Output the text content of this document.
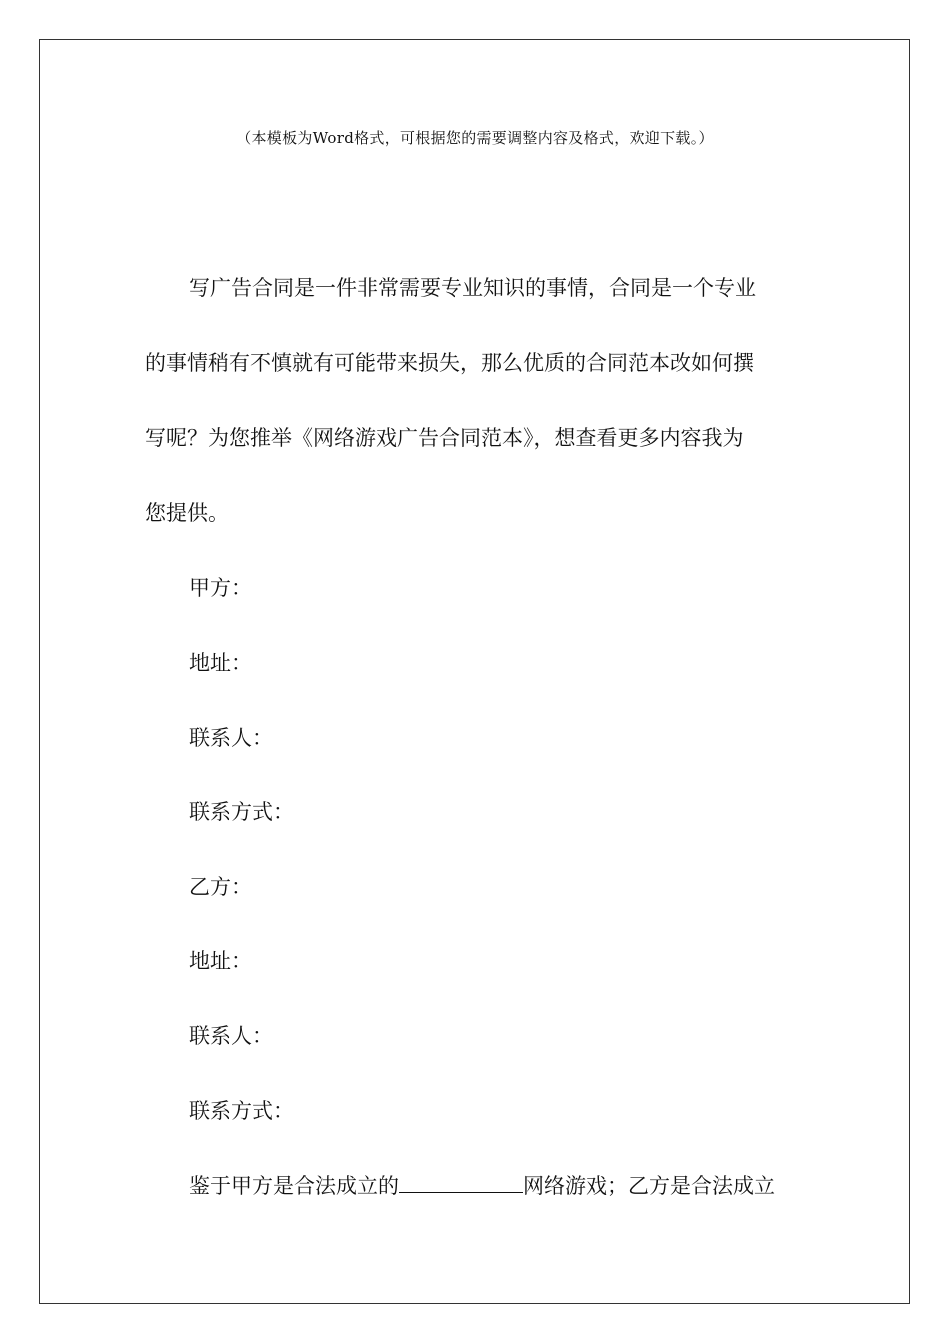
（本模板为Word格式，可根据您的需要调整内容及格式，欢迎下载。）
写广告合同是一件非常需要专业知识的事情，合同是一个专业
的事情稍有不慎就有可能带来损失，那么优质的合同范本改如何撰
写呢？为您推举《网络游戏广告合同范本》，想查看更多内容我为
您提供。
甲方：
地址：
联系人：
联系方式：
乙方：
地址：
联系人：
联系方式：
鉴于甲方是合法成立的	网络游戏；乙方是合法成立
